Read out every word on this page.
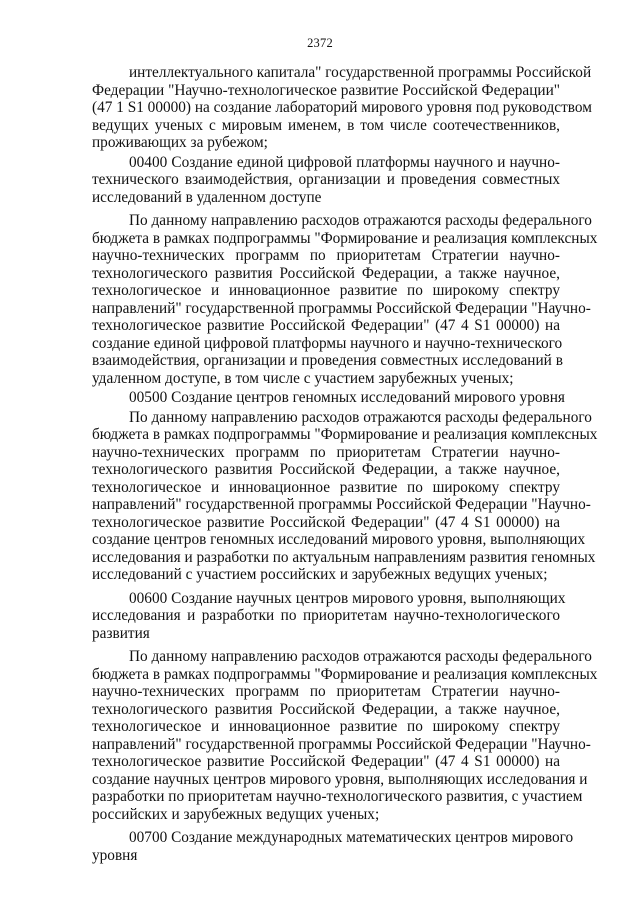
2372
интеллектуального капитала" государственной программы Российской
Федерации "Научно-технологическое развитие Российской Федерации"
(47 1 S1 00000) на создание лабораторий мирового уровня под руководством
ведущих ученых с мировым именем, в том числе соотечественников,
проживающих за рубежом;
00400 Создание единой цифровой платформы научного и научно-
технического взаимодействия, организации и проведения совместных
исследований в удаленном доступе
По данному направлению расходов отражаются расходы федерального
бюджета в рамках подпрограммы "Формирование и реализация комплексных
научно-технических программ по приоритетам Стратегии научно-
технологического развития Российской Федерации, а также научное,
технологическое и инновационное развитие по широкому спектру
направлений" государственной программы Российской Федерации "Научно-
технологическое развитие Российской Федерации" (47 4 S1 00000) на
создание единой цифровой платформы научного и научно-технического
взаимодействия, организации и проведения совместных исследований в
удаленном доступе, в том числе с участием зарубежных ученых;
00500 Создание центров геномных исследований мирового уровня
По данному направлению расходов отражаются расходы федерального
бюджета в рамках подпрограммы "Формирование и реализация комплексных
научно-технических программ по приоритетам Стратегии научно-
технологического развития Российской Федерации, а также научное,
технологическое и инновационное развитие по широкому спектру
направлений" государственной программы Российской Федерации "Научно-
технологическое развитие Российской Федерации" (47 4 S1 00000) на
создание центров геномных исследований мирового уровня, выполняющих
исследования и разработки по актуальным направлениям развития геномных
исследований с участием российских и зарубежных ведущих ученых;
00600 Создание научных центров мирового уровня, выполняющих
исследования и разработки по приоритетам научно-технологического
развития
По данному направлению расходов отражаются расходы федерального
бюджета в рамках подпрограммы "Формирование и реализация комплексных
научно-технических программ по приоритетам Стратегии научно-
технологического развития Российской Федерации, а также научное,
технологическое и инновационное развитие по широкому спектру
направлений" государственной программы Российской Федерации "Научно-
технологическое развитие Российской Федерации" (47 4 S1 00000) на
создание научных центров мирового уровня, выполняющих исследования и
разработки по приоритетам научно-технологического развития, с участием
российских и зарубежных ведущих ученых;
00700 Создание международных математических центров мирового
уровня
